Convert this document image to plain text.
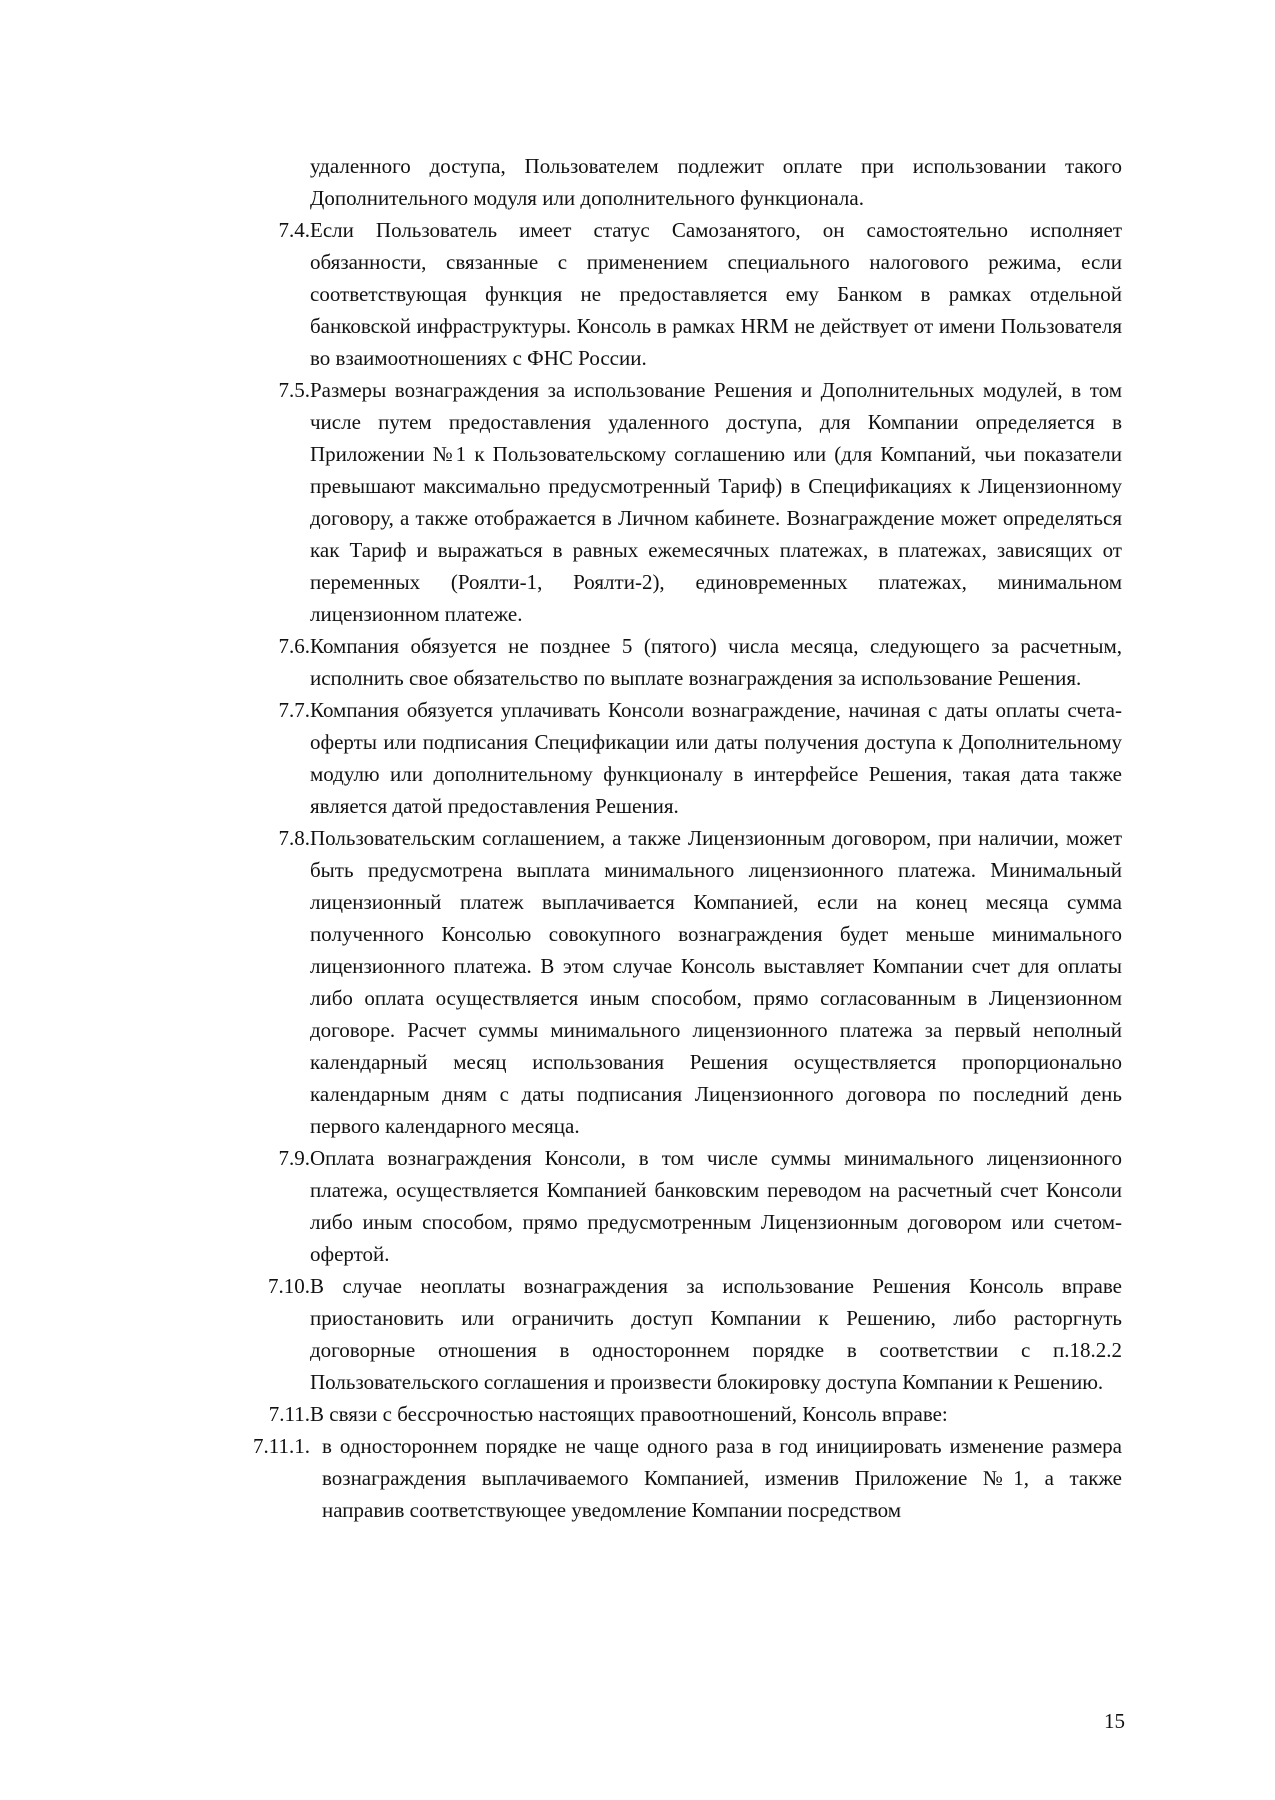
удаленного доступа, Пользователем подлежит оплате при использовании такого Дополнительного модуля или дополнительного функционала.
7.4. Если Пользователь имеет статус Самозанятого, он самостоятельно исполняет обязанности, связанные с применением специального налогового режима, если соответствующая функция не предоставляется ему Банком в рамках отдельной банковской инфраструктуры. Консоль в рамках HRM не действует от имени Пользователя во взаимоотношениях с ФНС России.
7.5. Размеры вознаграждения за использование Решения и Дополнительных модулей, в том числе путем предоставления удаленного доступа, для Компании определяется в Приложении №1 к Пользовательскому соглашению или (для Компаний, чьи показатели превышают максимально предусмотренный Тариф) в Спецификациях к Лицензионному договору, а также отображается в Личном кабинете. Вознаграждение может определяться как Тариф и выражаться в равных ежемесячных платежах, в платежах, зависящих от переменных (Роялти-1, Роялти-2), единовременных платежах, минимальном лицензионном платеже.
7.6. Компания обязуется не позднее 5 (пятого) числа месяца, следующего за расчетным, исполнить свое обязательство по выплате вознаграждения за использование Решения.
7.7. Компания обязуется уплачивать Консоли вознаграждение, начиная с даты оплаты счета-оферты или подписания Спецификации или даты получения доступа к Дополнительному модулю или дополнительному функционалу в интерфейсе Решения, такая дата также является датой предоставления Решения.
7.8. Пользовательским соглашением, а также Лицензионным договором, при наличии, может быть предусмотрена выплата минимального лицензионного платежа. Минимальный лицензионный платеж выплачивается Компанией, если на конец месяца сумма полученного Консолью совокупного вознаграждения будет меньше минимального лицензионного платежа. В этом случае Консоль выставляет Компании счет для оплаты либо оплата осуществляется иным способом, прямо согласованным в Лицензионном договоре. Расчет суммы минимального лицензионного платежа за первый неполный календарный месяц использования Решения осуществляется пропорционально календарным дням с даты подписания Лицензионного договора по последний день первого календарного месяца.
7.9. Оплата вознаграждения Консоли, в том числе суммы минимального лицензионного платежа, осуществляется Компанией банковским переводом на расчетный счет Консоли либо иным способом, прямо предусмотренным Лицензионным договором или счетом-офертой.
7.10. В случае неоплаты вознаграждения за использование Решения Консоль вправе приостановить или ограничить доступ Компании к Решению, либо расторгнуть договорные отношения в одностороннем порядке в соответствии с п.18.2.2 Пользовательского соглашения и произвести блокировку доступа Компании к Решению.
7.11. В связи с бессрочностью настоящих правоотношений, Консоль вправе:
7.11.1. в одностороннем порядке не чаще одного раза в год инициировать изменение размера вознаграждения выплачиваемого Компанией, изменив Приложение №1, а также направив соответствующее уведомление Компании посредством
15
